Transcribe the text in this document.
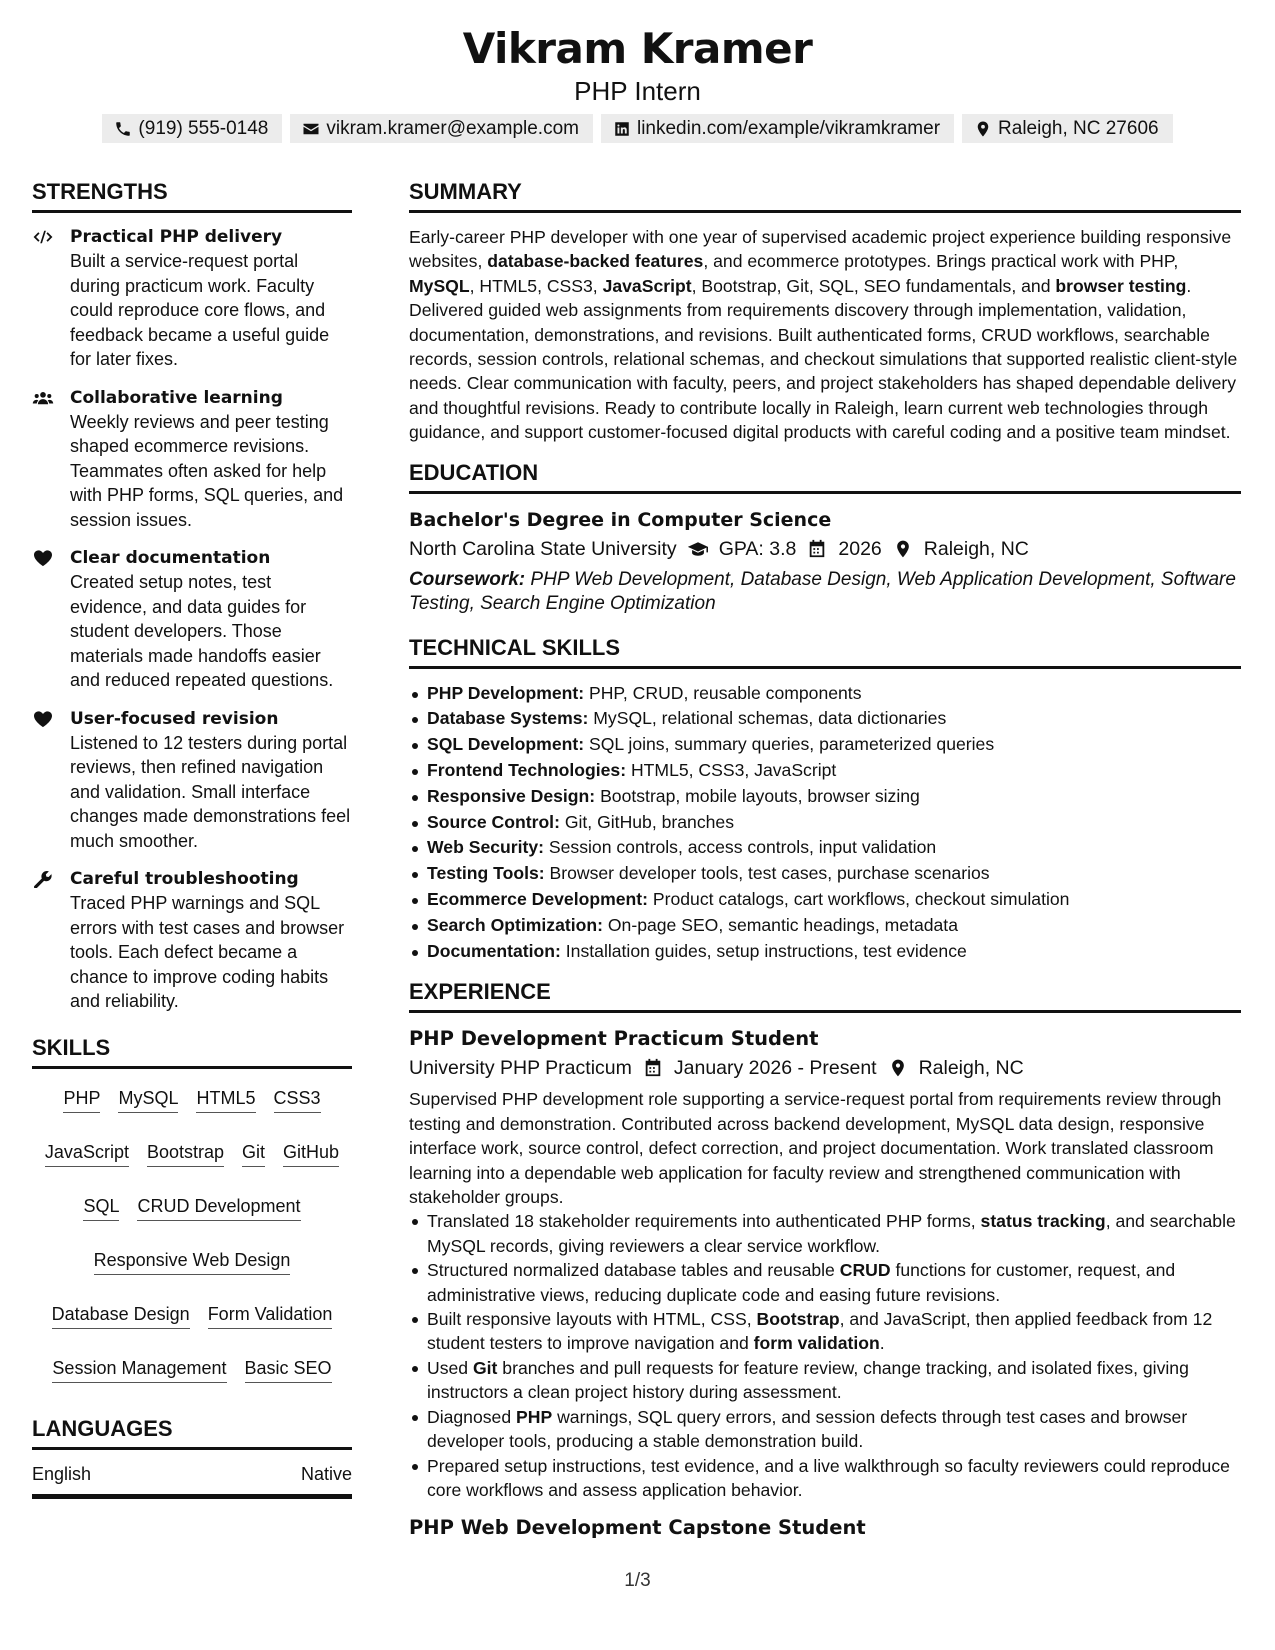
Vikram Kramer
PHP Intern
(919) 555-0148	vikram.kramer@example.com	linkedin.com/example/vikramkramer	Raleigh, NC 27606
STRENGTHS
Practical PHP delivery
Built a service-request portal during practicum work. Faculty could reproduce core flows, and feedback became a useful guide for later fixes.
Collaborative learning
Weekly reviews and peer testing shaped ecommerce revisions. Teammates often asked for help with PHP forms, SQL queries, and session issues.
Clear documentation
Created setup notes, test evidence, and data guides for student developers. Those materials made handoffs easier and reduced repeated questions.
User-focused revision
Listened to 12 testers during portal reviews, then refined navigation and validation. Small interface changes made demonstrations feel much smoother.
Careful troubleshooting
Traced PHP warnings and SQL errors with test cases and browser tools. Each defect became a chance to improve coding habits and reliability.
SKILLS
PHP MySQL HTML5 CSS3
JavaScript Bootstrap Git GitHub
SQL CRUD Development
Responsive Web Design
Database Design Form Validation
Session Management Basic SEO
LANGUAGES
English	Native
SUMMARY

Early-career PHP developer with one year of supervised academic project experience building responsive websites, database-backed features, and ecommerce prototypes. Brings practical work with PHP, MySQL, HTML5, CSS3, JavaScript, Bootstrap, Git, SQL, SEO fundamentals, and browser testing. Delivered guided web assignments from requirements discovery through implementation, validation, documentation, demonstrations, and revisions. Built authenticated forms, CRUD workflows, searchable records, session controls, relational schemas, and checkout simulations that supported realistic client-style needs. Clear communication with faculty, peers, and project stakeholders has shaped dependable delivery and thoughtful revisions. Ready to contribute locally in Raleigh, learn current web technologies through guidance, and support customer-focused digital products with careful coding and a positive team mindset.

EDUCATION
Bachelor's Degree in Computer Science
North Carolina State University GPA: 3.8 2026 Raleigh, NC
Coursework: PHP Web Development, Database Design, Web Application Development, Software Testing, Search Engine Optimization
TECHNICAL SKILLS
PHP Development: PHP, CRUD, reusable components
Database Systems: MySQL, relational schemas, data dictionaries
SQL Development: SQL joins, summary queries, parameterized queries
Frontend Technologies: HTML5, CSS3, JavaScript
Responsive Design: Bootstrap, mobile layouts, browser sizing
Source Control: Git, GitHub, branches
Web Security: Session controls, access controls, input validation
Testing Tools: Browser developer tools, test cases, purchase scenarios
Ecommerce Development: Product catalogs, cart workflows, checkout simulation
Search Optimization: On-page SEO, semantic headings, metadata
Documentation: Installation guides, setup instructions, test evidence
EXPERIENCE
PHP Development Practicum Student
University PHP Practicum January 2026 - Present Raleigh, NC

Supervised PHP development role supporting a service-request portal from requirements review through testing and demonstration. Contributed across backend development, MySQL data design, responsive interface work, source control, defect correction, and project documentation. Work translated classroom learning into a dependable web application for faculty review and strengthened communication with stakeholder groups.

Translated 18 stakeholder requirements into authenticated PHP forms, status tracking, and searchable MySQL records, giving reviewers a clear service workflow.
Structured normalized database tables and reusable CRUD functions for customer, request, and administrative views, reducing duplicate code and easing future revisions.
Built responsive layouts with HTML, CSS, Bootstrap, and JavaScript, then applied feedback from 12 student testers to improve navigation and form validation.
Used Git branches and pull requests for feature review, change tracking, and isolated fixes, giving instructors a clean project history during assessment.
Diagnosed PHP warnings, SQL query errors, and session defects through test cases and browser developer tools, producing a stable demonstration build.
Prepared setup instructions, test evidence, and a live walkthrough so faculty reviewers could reproduce core workflows and assess application behavior.
PHP Web Development Capstone Student
1/3
